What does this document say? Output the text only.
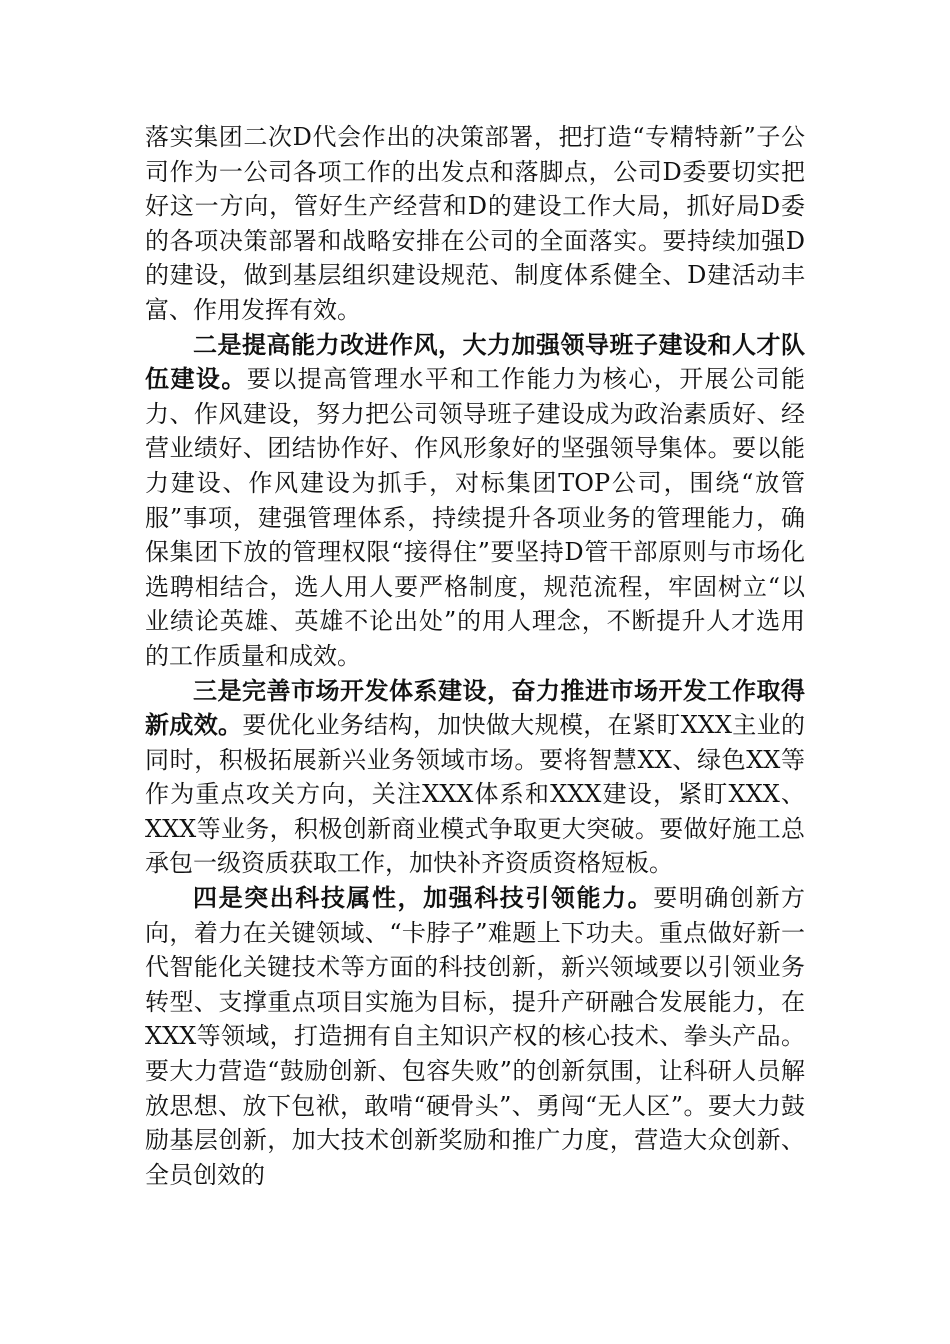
落实集团二次D代会作出的决策部署，把打造“专精特新”子公司作为一公司各项工作的出发点和落脚点，公司D委要切实把好这一方向，管好生产经营和D的建设工作大局，抓好局D委的各项决策部署和战略安排在公司的全面落实。要持续加强D的建设，做到基层组织建设规范、制度体系健全、D建活动丰富、作用发挥有效。

二是提高能力改进作风，大力加强领导班子建设和人才队伍建设。要以提高管理水平和工作能力为核心，开展公司能力、作风建设，努力把公司领导班子建设成为政治素质好、经营业绩好、团结协作好、作风形象好的坚强领导集体。要以能力建设、作风建设为抓手，对标集团TOP公司，围绕“放管服”事项，建强管理体系，持续提升各项业务的管理能力，确保集团下放的管理权限“接得住”要坚持D管干部原则与市场化选聘相结合，选人用人要严格制度，规范流程，牢固树立“以业绩论英雄、英雄不论出处”的用人理念，不断提升人才选用的工作质量和成效。

三是完善市场开发体系建设，奋力推进市场开发工作取得新成效。要优化业务结构，加快做大规模，在紧盯XXX主业的同时，积极拓展新兴业务领域市场。要将智慧XX、绿色XX等作为重点攻关方向，关注XXX体系和XXX建设，紧盯XXX、XXX等业务，积极创新商业模式争取更大突破。要做好施工总承包一级资质获取工作，加快补齐资质资格短板。

四是突出科技属性，加强科技引领能力。要明确创新方向，着力在关键领域、“卡脖子”难题上下功夫。重点做好新一代智能化关键技术等方面的科技创新，新兴领域要以引领业务转型、支撑重点项目实施为目标，提升产研融合发展能力，在XXX等领域，打造拥有自主知识产权的核心技术、拳头产品。要大力营造“鼓励创新、包容失败”的创新氛围，让科研人员解放思想、放下包袱，敢啃“硬骨头”、勇闯“无人区”。要大力鼓励基层创新，加大技术创新奖励和推广力度，营造大众创新、全员创效的
